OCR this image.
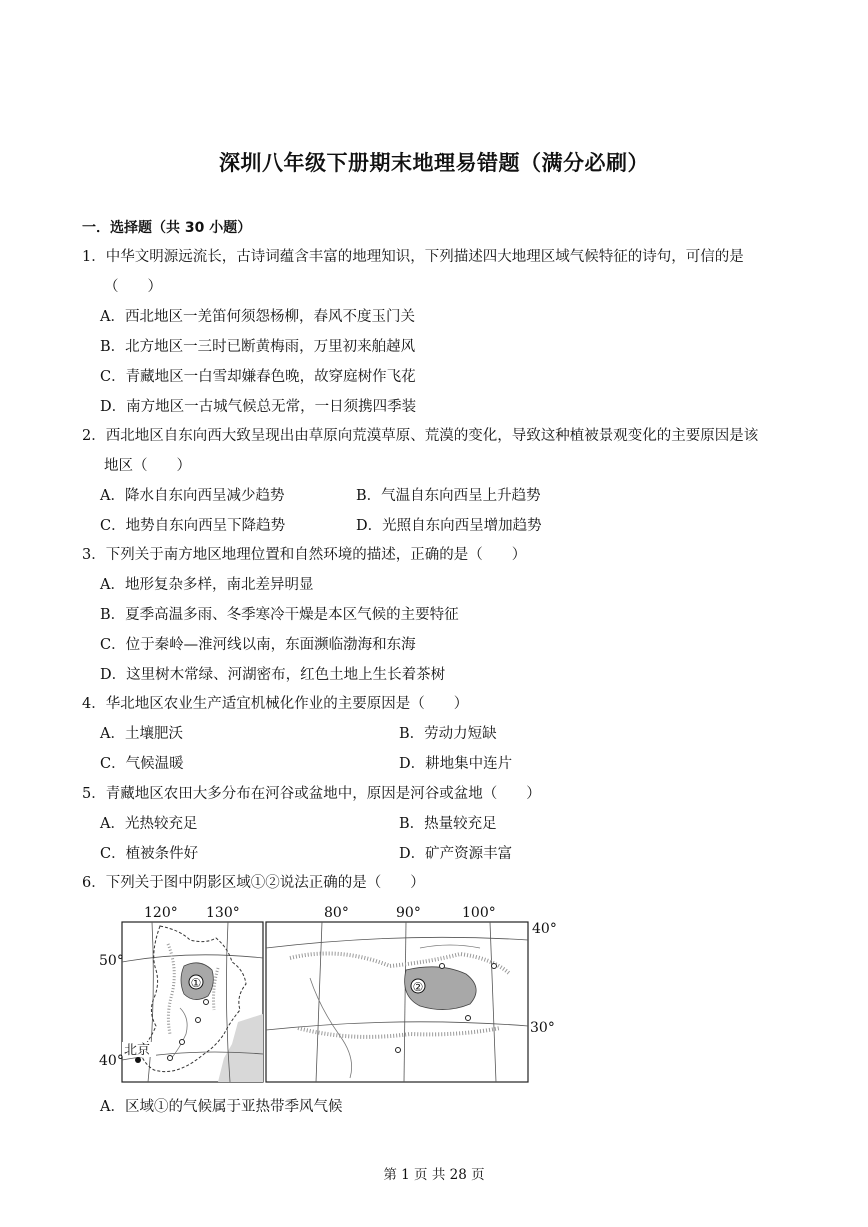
深圳八年级下册期末地理易错题（满分必刷）
一．选择题（共 30 小题）
1．中华文明源远流长，古诗词蕴含丰富的地理知识，下列描述四大地理区域气候特征的诗句，可信的是
（　　）
A．西北地区一羌笛何须怨杨柳，春风不度玉门关
B．北方地区一三时已断黄梅雨，万里初来舶趠风
C．青藏地区一白雪却嫌春色晚，故穿庭树作飞花
D．南方地区一古城气候总无常，一日须携四季装
2．西北地区自东向西大致呈现出由草原向荒漠草原、荒漠的变化，导致这种植被景观变化的主要原因是该
地区（　　）
A．降水自东向西呈减少趋势	B．气温自东向西呈上升趋势
C．地势自东向西呈下降趋势	D．光照自东向西呈增加趋势
3．下列关于南方地区地理位置和自然环境的描述，正确的是（　　）
A．地形复杂多样，南北差异明显
B．夏季高温多雨、冬季寒冷干燥是本区气候的主要特征
C．位于秦岭—淮河线以南，东面濒临渤海和东海
D．这里树木常绿、河湖密布，红色土地上生长着茶树
4．华北地区农业生产适宜机械化作业的主要原因是（　　）
A．土壤肥沃	B．劳动力短缺
C．气候温暖	D．耕地集中连片
5．青藏地区农田大多分布在河谷或盆地中，原因是河谷或盆地（　　）
A．光热较充足	B．热量较充足
C．植被条件好	D．矿产资源丰富
6．下列关于图中阴影区域①②说法正确的是（　　）
①
北京
②
120° 130°	80°	90°	100°
50°
40°
40°
30°
A．区域①的气候属于亚热带季风气候
第 1 页 共 28 页
